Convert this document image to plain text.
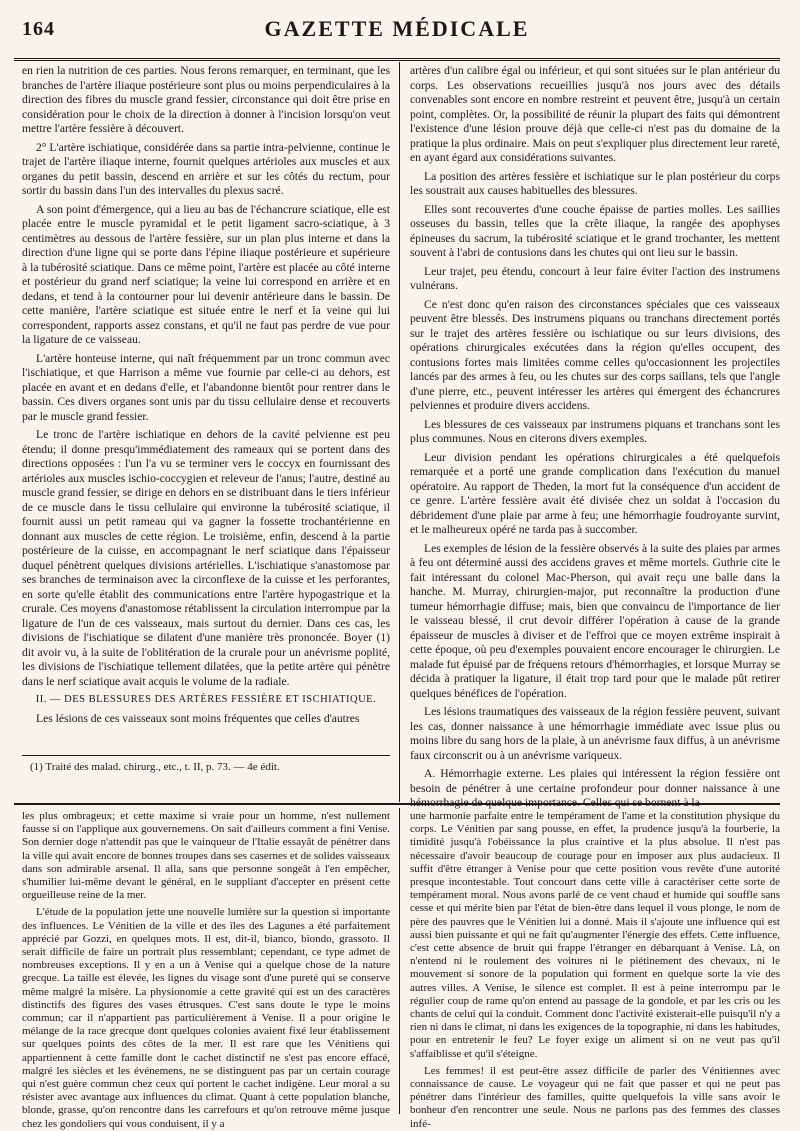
164	GAZETTE MÉDICALE

en rien la nutrition de ces parties. Nous ferons remarquer, en terminant, que les branches de l'artère iliaque postérieure sont plus ou moins perpendiculaires à la direction des fibres du muscle grand fessier, circonstance qui doit être prise en considération pour le choix de la direction à donner à l'incision lorsqu'on veut mettre l'artère fessière à découvert.

2° L'artère ischiatique, considérée dans sa partie intra-pelvienne, continue le trajet de l'artère iliaque interne, fournit quelques artérioles aux muscles et aux organes du petit bassin, descend en arrière et sur les côtés du rectum, pour sortir du bassin dans l'un des intervalles du plexus sacré.

A son point d'émergence, qui a lieu au bas de l'échancrure sciatique, elle est placée entre le muscle pyramidal et le petit ligament sacro-sciatique, à 3 centimètres au dessous de l'artère fessière, sur un plan plus interne et dans la direction d'une ligne qui se porte dans l'épine iliaque postérieure et supérieure à la tubérosité sciatique. Dans ce même point, l'artère est placée au côté interne et postérieur du grand nerf sciatique; la veine lui correspond en arrière et en dedans, et tend à la contourner pour lui devenir antérieure dans le bassin. De cette manière, l'artère sciatique est située entre le nerf et la veine qui lui correspondent, rapports assez constans, et qu'il ne faut pas perdre de vue pour la ligature de ce vaisseau.

L'artère honteuse interne, qui naît fréquemment par un tronc commun avec l'ischiatique, et que Harrison a même vue fournie par celle-ci au dehors, est placée en avant et en dedans d'elle, et l'abandonne bientôt pour rentrer dans le bassin. Ces divers organes sont unis par du tissu cellulaire dense et recouverts par le muscle grand fessier.

Le tronc de l'artère ischiatique en dehors de la cavité pelvienne est peu étendu; il donne presqu'immédiatement des rameaux qui se portent dans des directions opposées : l'un l'a vu se terminer vers le coccyx en fournissant des artérioles aux muscles ischio-coccygien et releveur de l'anus; l'autre, destiné au muscle grand fessier, se dirige en dehors en se distribuant dans le tiers inférieur de ce muscle dans le tissu cellulaire qui environne la tubérosité sciatique, il fournit aussi un petit rameau qui va gagner la fossette trochantérienne en donnant aux muscles de cette région. Le troisième, enfin, descend à la partie postérieure de la cuisse, en accompagnant le nerf sciatique dans l'épaisseur duquel pénètrent quelques divisions artérielles. L'ischiatique s'anastomose par ses branches de terminaison avec la circonflexe de la cuisse et les perforantes, en sorte qu'elle établit des communications entre l'artère hypogastrique et la crurale. Ces moyens d'anastomose rétablissent la circulation interrompue par la ligature de l'un de ces vaisseaux, mais surtout du dernier. Dans ces cas, les divisions de l'ischiatique se dilatent d'une manière très prononcée. Boyer (1) dit avoir vu, à la suite de l'oblitération de la crurale pour un anévrisme poplité, les divisions de l'ischiatique tellement dilatées, que la petite artère qui pénètre dans le nerf sciatique avait acquis le volume de la radiale.

II. — DES BLESSURES DES ARTÈRES FESSIÈRE ET ISCHIATIQUE.

Les lésions de ces vaisseaux sont moins fréquentes que celles d'autres

(1) Traité des malad. chirurg., etc., t. II, p. 73. — 4e édit.

artères d'un calibre égal ou inférieur, et qui sont situées sur le plan antérieur du corps. Les observations recueillies jusqu'à nos jours avec des détails convenables sont encore en nombre restreint et peuvent être, jusqu'à un certain point, complètes. Or, la possibilité de réunir la plupart des faits qui démontrent l'existence d'une lésion prouve déjà que celle-ci n'est pas du domaine de la pratique la plus ordinaire. Mais on peut s'expliquer plus directement leur rareté, en ayant égard aux considérations suivantes.

La position des artères fessière et ischiatique sur le plan postérieur du corps les soustrait aux causes habituelles des blessures.

Elles sont recouvertes d'une couche épaisse de parties molles. Les saillies osseuses du bassin, telles que la crête iliaque, la rangée des apophyses épineuses du sacrum, la tubérosité sciatique et le grand trochanter, les mettent souvent à l'abri de contusions dans les chutes qui ont lieu sur le bassin.

Leur trajet, peu étendu, concourt à leur faire éviter l'action des instrumens vulnérans.

Ce n'est donc qu'en raison des circonstances spéciales que ces vaisseaux peuvent être blessés. Des instrumens piquans ou tranchans directement portés sur le trajet des artères fessière ou ischiatique ou sur leurs divisions, des opérations chirurgicales exécutées dans la région qu'elles occupent, des contusions fortes mais limitées comme celles qu'occasionnent les projectiles lancés par des armes à feu, ou les chutes sur des corps saillans, tels que l'angle d'une pierre, etc., peuvent intéresser les artères qui émergent des échancrures pelviennes et produire divers accidens.

Les blessures de ces vaisseaux par instrumens piquans et tranchans sont les plus communes. Nous en citerons divers exemples.

Leur division pendant les opérations chirurgicales a été quelquefois remarquée et a porté une grande complication dans l'exécution du manuel opératoire. Au rapport de Theden, la mort fut la conséquence d'un accident de ce genre. L'artère fessière avait été divisée chez un soldat à l'occasion du débridement d'une plaie par arme à feu; une hémorrhagie foudroyante survint, et le malheureux opéré ne tarda pas à succomber.

Les exemples de lésion de la fessière observés à la suite des plaies par armes à feu ont déterminé aussi des accidens graves et même mortels. Guthrie cite le fait intéressant du colonel Mac-Pherson, qui avait reçu une balle dans la hanche. M. Murray, chirurgien-major, put reconnaître la production d'une tumeur hémorrhagie diffuse; mais, bien que convaincu de l'importance de lier le vaisseau blessé, il crut devoir différer l'opération à cause de la grande épaisseur de muscles à diviser et de l'effroi que ce moyen extrême inspirait à cette époque, où peu d'exemples pouvaient encore encourager le chirurgien. Le malade fut épuisé par de fréquens retours d'hémorrhagies, et lorsque Murray se décida à pratiquer la ligature, il était trop tard pour que le malade pût retirer quelques bénéfices de l'opération.

Les lésions traumatiques des vaisseaux de la région fessière peuvent, suivant les cas, donner naissance à une hémorrhagie immédiate avec issue plus ou moins libre du sang hors de la plaie, à un anévrisme faux diffus, à un anévrisme faux circonscrit ou à un anévrisme variqueux.

A. Hémorrhagie externe. Les plaies qui intéressent la région fessière ont besoin de pénétrer à une certaine profondeur pour donner naissance à une hémorrhagie de quelque importance. Celles qui se bornent à la

les plus ombrageux; et cette maxime si vraie pour un homme, n'est nullement fausse si on l'applique aux gouvernemens. On sait d'ailleurs comment a fini Venise. Son dernier doge n'attendit pas que le vainqueur de l'Italie essayât de pénétrer dans la ville qui avait encore de bonnes troupes dans ses casernes et de solides vaisseaux dans son admirable arsenal. Il alla, sans que personne songeât à l'en empêcher, s'humilier lui-même devant le général, en le suppliant d'accepter en présent cette orgueilleuse reine de la mer.

L'étude de la population jette une nouvelle lumière sur la question si importante des influences. Le Vénitien de la ville et des îles des Lagunes a été parfaitement apprécié par Gozzi, en quelques mots. Il est, dit-il, bianco, biondo, grassoto. Il serait difficile de faire un portrait plus ressemblant; cependant, ce type admet de nombreuses exceptions. Il y en a un à Venise qui a quelque chose de la nature grecque. La taille est élevée, les lignes du visage sont d'une pureté qui se conserve même malgré la misère. La physionomie a cette gravité qui est un des caractères distinctifs des figures des vases étrusques. C'est sans doute le type le moins commun; car il n'appartient pas particulièrement à Venise. Il a pour origine le mélange de la race grecque dont quelques colonies avaient fixé leur établissement sur quelques points des côtes de la mer. Il est rare que les Vénitiens qui appartiennent à cette famille dont le cachet distinctif ne s'est pas encore effacé, malgré les siècles et les événemens, ne se distinguent pas par un certain courage qui n'est guère commun chez ceux qui portent le cachet indigène. Leur moral a su résister avec avantage aux influences du climat. Quant à cette population blanche, blonde, grasse, qu'on rencontre dans les carrefours et qu'on retrouve même jusque chez les gondoliers qui vous conduisent, il y a

une harmonie parfaite entre le tempérament de l'ame et la constitution physique du corps. Le Vénitien par sang pousse, en effet, la prudence jusqu'à la fourberie, la timidité jusqu'à l'obéissance la plus craintive et la plus absolue. Il n'est pas nécessaire d'avoir beaucoup de courage pour en imposer aux plus audacieux. Il suffit d'être étranger à Venise pour que cette position vous revête d'une autorité presque incontestable. Tout concourt dans cette ville à caractériser cette sorte de tempérament moral. Nous avons parlé de ce vent chaud et humide qui souffle sans cesse et qui mérite bien par l'état de bien-être dans lequel il vous plonge, le nom de père des pauvres que le Vénitien lui a donné. Mais il s'ajoute une influence qui est aussi bien puissante et qui ne fait qu'augmenter l'énergie des effets. Cette influence, c'est cette absence de bruit qui frappe l'étranger en débarquant à Venise. Là, on n'entend ni le roulement des voitures ni le piétinement des chevaux, ni le mouvement si sonore de la population qui forment en quelque sorte la vie des autres villes. A Venise, le silence est complet. Il est à peine interrompu par le régulier coup de rame qu'on entend au passage de la gondole, et par les cris ou les chants de celui qui la conduit. Comment donc l'activité existerait-elle puisqu'il n'y a rien ni dans le climat, ni dans les exigences de la topographie, ni dans les habitudes, pour en entretenir le feu? Le foyer exige un aliment si on ne veut pas qu'il s'affaiblisse et qu'il s'éteigne.

Les femmes! il est peut-être assez difficile de parler des Vénitiennes avec connaissance de cause. Le voyageur qui ne fait que passer et qui ne peut pas pénétrer dans l'intérieur des familles, quitte quelquefois la ville sans avoir le bonheur d'en rencontrer une seule. Nous ne parlons pas des femmes des classes infé-
